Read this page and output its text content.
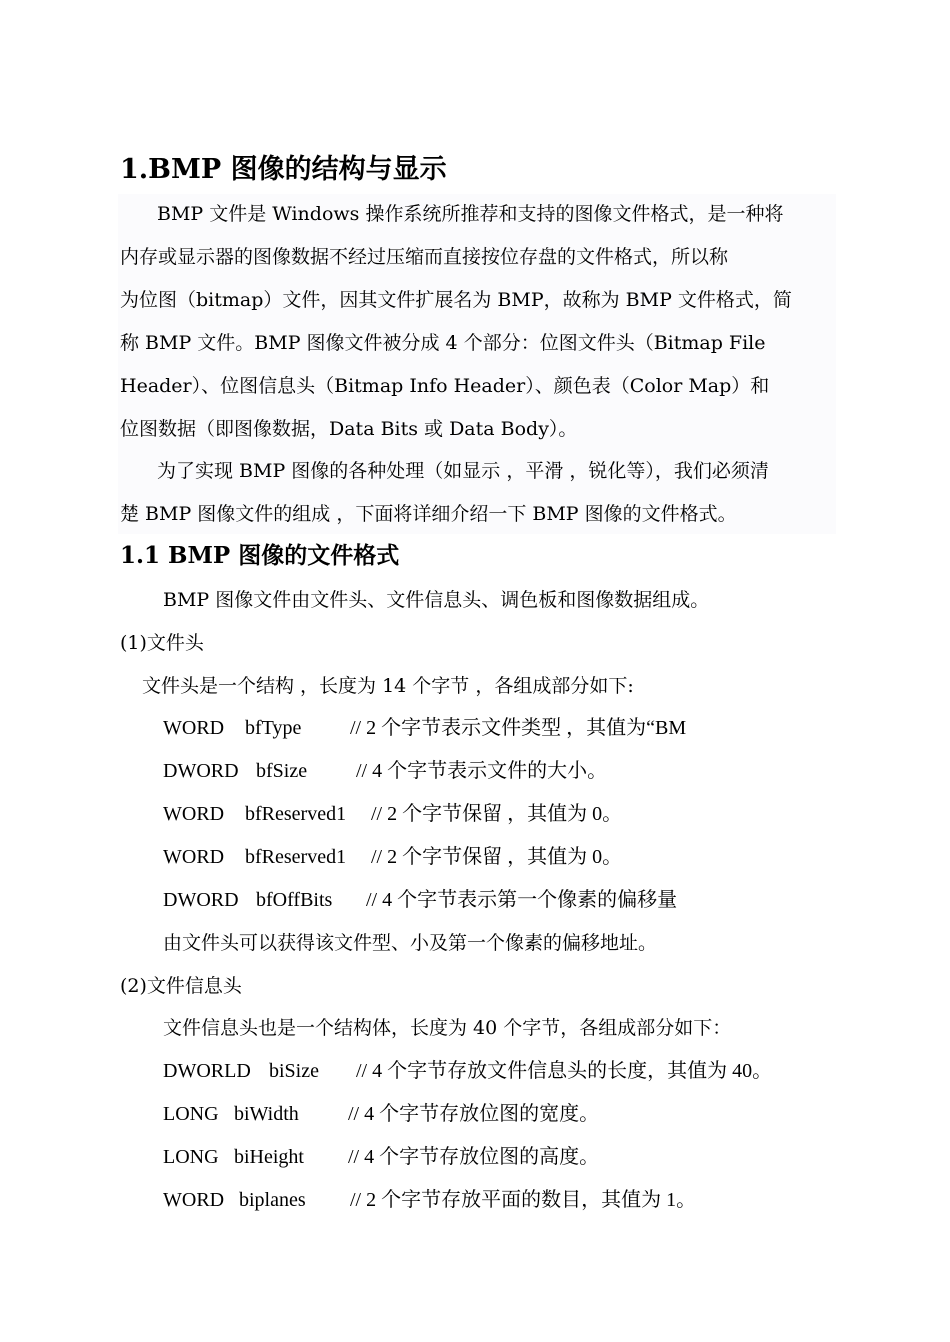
1.BMP 图像的结构与显示
BMP 文件是 Windows 操作系统所推荐和支持的图像文件格式，是一种将
内存或显示器的图像数据不经过压缩而直接按位存盘的文件格式，所以称
为位图（bitmap）文件，因其文件扩展名为 BMP，故称为 BMP 文件格式，简
称 BMP 文件。BMP 图像文件被分成 4 个部分：位图文件头（Bitmap File
Header）、位图信息头（Bitmap Info Header）、颜色表（Color Map）和
位图数据（即图像数据，Data Bits 或 Data Body）。
为了实现 BMP 图像的各种处理（如显示 ，平滑 ，锐化等），我们必须清
楚 BMP 图像文件的组成 ，下面将详细介绍一下 BMP 图像的文件格式。
1.1 BMP 图像的文件格式
BMP 图像文件由文件头、文件信息头、调色板和图像数据组成。
(1)文件头
文件头是一个结构 ，长度为 14 个字节 ，各组成部分如下:
WORD bfType // 2 个字节表示文件类型 ，其值为“BM
DWORD bfSize // 4 个字节表示文件的大小。
WORD bfReserved1 // 2 个字节保留 ，其值为 0。
WORD bfReserved1 // 2 个字节保留 ，其值为 0。
DWORD bfOffBits // 4 个字节表示第一个像素的偏移量
由文件头可以获得该文件型、小及第一个像素的偏移地址。
(2)文件信息头
文件信息头也是一个结构体，长度为 40 个字节，各组成部分如下：
DWORLD biSize // 4 个字节存放文件信息头的长度，其值为 40。
LONG biWidth // 4 个字节存放位图的宽度。
LONG biHeight // 4 个字节存放位图的高度。
WORD biplanes // 2 个字节存放平面的数目，其值为 1。
